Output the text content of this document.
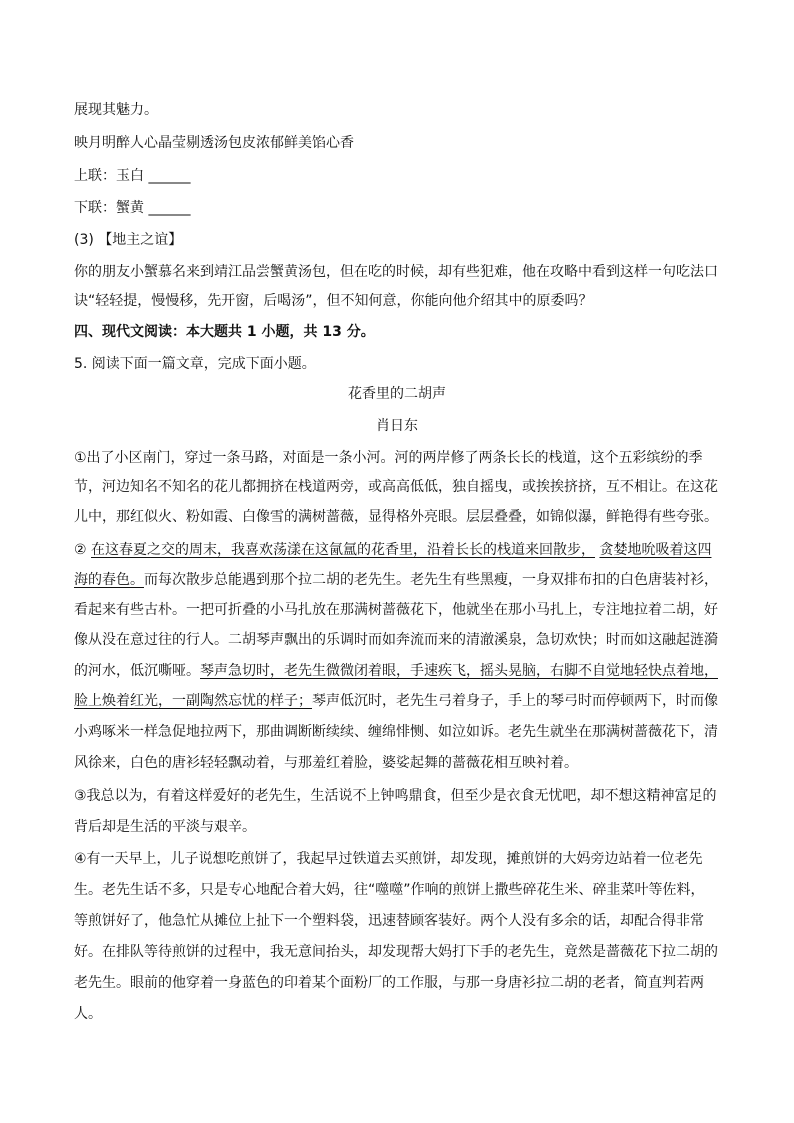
展现其魅力。

映月明醉人心晶莹剔透汤包皮浓郁鲜美馅心香

上联：玉白 ______

下联：蟹黄 ______

(3) 【地主之谊】

你的朋友小蟹慕名来到靖江品尝蟹黄汤包，但在吃的时候，却有些犯难，他在攻略中看到这样一句吃法口

诀“轻轻提，慢慢移，先开窗，后喝汤”，但不知何意，你能向他介绍其中的原委吗？

四、现代文阅读：本大题共 1 小题，共 13 分。

5. 阅读下面一篇文章，完成下面小题。

花香里的二胡声

肖日东

①出了小区南门，穿过一条马路，对面是一条小河。河的两岸修了两条长长的栈道，这个五彩缤纷的季

节，河边知名不知名的花儿都拥挤在栈道两旁，或高高低低，独自摇曳，或挨挨挤挤，互不相让。在这花

儿中，那红似火、粉如霞、白像雪的满树蔷薇，显得格外亮眼。层层叠叠，如锦似瀑，鲜艳得有些夸张。

② 在这春夏之交的周末，我喜欢荡漾在这氤氲的花香里，沿着长长的栈道来回散步， 贪婪地吮吸着这四

海的春色。而每次散步总能遇到那个拉二胡的老先生。老先生有些黑瘦，一身双排布扣的白色唐装衬衫，

看起来有些古朴。一把可折叠的小马扎放在那满树蔷薇花下，他就坐在那小马扎上，专注地拉着二胡，好

像从没在意过往的行人。二胡琴声飘出的乐调时而如奔流而来的清澈溪泉，急切欢快；时而如这融起涟漪

的河水，低沉嘶哑。琴声急切时，老先生微微闭着眼，手速疾飞，摇头晃脑，右脚不自觉地轻快点着地，

脸上焕着红光，一副陶然忘忧的样子；琴声低沉时，老先生弓着身子，手上的琴弓时而停顿两下，时而像

小鸡啄米一样急促地拉两下，那曲调断断续续、缠绵悱恻、如泣如诉。老先生就坐在那满树蔷薇花下，清

风徐来，白色的唐衫轻轻飘动着，与那羞红着脸，婆娑起舞的蔷薇花相互映衬着。

③我总以为，有着这样爱好的老先生，生活说不上钟鸣鼎食，但至少是衣食无忧吧，却不想这精神富足的

背后却是生活的平淡与艰辛。

④有一天早上，儿子说想吃煎饼了，我起早过铁道去买煎饼，却发现，摊煎饼的大妈旁边站着一位老先

生。老先生话不多，只是专心地配合着大妈，往“噬噬”作响的煎饼上撒些碎花生米、碎韭菜叶等佐料，

等煎饼好了，他急忙从摊位上扯下一个塑料袋，迅速替顾客装好。两个人没有多余的话，却配合得非常

好。在排队等待煎饼的过程中，我无意间抬头，却发现帮大妈打下手的老先生，竟然是蔷薇花下拉二胡的

老先生。眼前的他穿着一身蓝色的印着某个面粉厂的工作服，与那一身唐衫拉二胡的老者，简直判若两

人。
